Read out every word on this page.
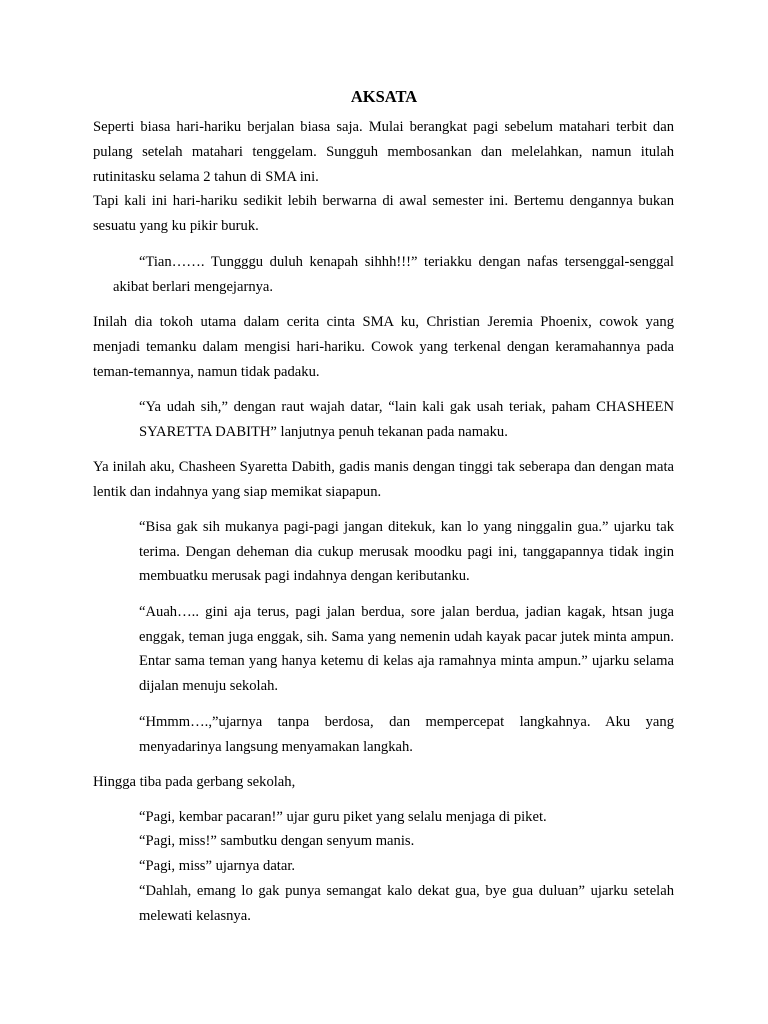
AKSATA

Seperti biasa hari-hariku berjalan biasa saja. Mulai berangkat pagi sebelum matahari terbit dan pulang setelah matahari tenggelam. Sungguh membosankan dan melelahkan, namun itulah rutinitasku selama 2 tahun di SMA ini.

Tapi kali ini hari-hariku sedikit lebih berwarna di awal semester ini. Bertemu dengannya bukan sesuatu yang ku pikir buruk.

“Tian……. Tungggu duluh kenapah sihhh!!!” teriakku dengan nafas tersenggal-senggal akibat berlari mengejarnya.

Inilah dia tokoh utama dalam cerita cinta SMA ku, Christian Jeremia Phoenix, cowok yang menjadi temanku dalam mengisi hari-hariku. Cowok yang terkenal dengan keramahannya pada teman-temannya, namun tidak padaku.

“Ya udah sih,” dengan raut wajah datar, “lain kali gak usah teriak, paham CHASHEEN SYARETTA DABITH” lanjutnya penuh tekanan pada namaku.

Ya inilah aku, Chasheen Syaretta Dabith, gadis manis dengan tinggi tak seberapa dan dengan mata lentik dan indahnya yang siap memikat siapapun.

“Bisa gak sih mukanya pagi-pagi jangan ditekuk, kan lo yang ninggalin gua.” ujarku tak terima. Dengan deheman dia cukup merusak moodku pagi ini, tanggapannya tidak ingin membuatku merusak pagi indahnya dengan keributanku.

“Auah….. gini aja terus, pagi jalan berdua, sore jalan berdua, jadian kagak, htsan juga enggak, teman juga enggak, sih. Sama yang nemenin udah kayak pacar jutek minta ampun. Entar sama teman yang hanya ketemu di kelas aja ramahnya minta ampun.” ujarku selama dijalan menuju sekolah.

“Hmmm….,”ujarnya tanpa berdosa, dan mempercepat langkahnya. Aku yang menyadarinya langsung menyamakan langkah.

Hingga tiba pada gerbang sekolah,

“Pagi, kembar pacaran!” ujar guru piket yang selalu menjaga di piket.

“Pagi, miss!” sambutku dengan senyum manis.

“Pagi, miss” ujarnya datar.

“Dahlah, emang lo gak punya semangat kalo dekat gua, bye gua duluan” ujarku setelah melewati kelasnya.
